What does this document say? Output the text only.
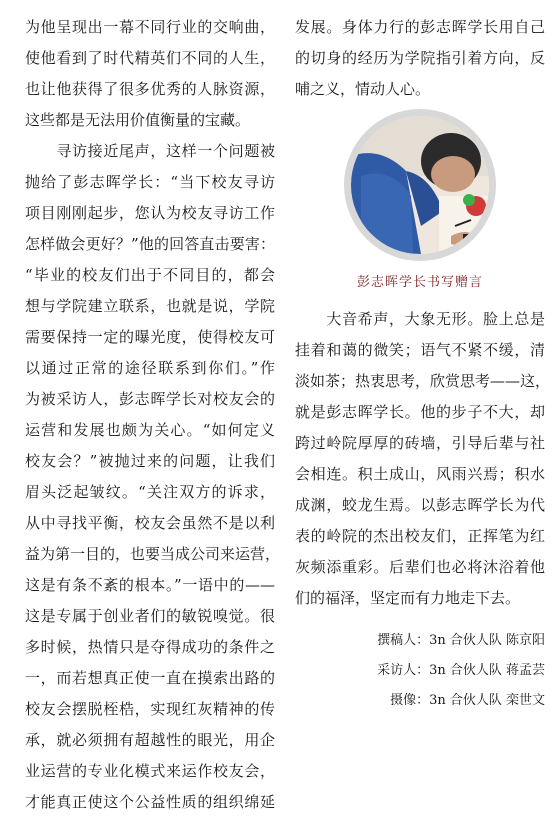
为他呈现出一幕不同行业的交响曲，
使他看到了时代精英们不同的人生，
也让他获得了很多优秀的人脉资源，
这些都是无法用价值衡量的宝藏。
　　寻访接近尾声，这样一个问题被
抛给了彭志晖学长：“当下校友寻访
项目刚刚起步，您认为校友寻访工作
怎样做会更好？”他的回答直击要害：
“毕业的校友们出于不同目的，都会
想与学院建立联系，也就是说，学院
需要保持一定的曝光度，使得校友可
以通过正常的途径联系到你们。”作
为被采访人，彭志晖学长对校友会的
运营和发展也颇为关心。“如何定义
校友会？”被抛过来的问题，让我们
眉头泛起皱纹。“关注双方的诉求，
从中寻找平衡，校友会虽然不是以利
益为第一目的，也要当成公司来运营，
这是有条不紊的根本。”一语中的——
这是专属于创业者们的敏锐嗅觉。很
多时候，热情只是夺得成功的条件之
一，而若想真正使一直在摸索出路的
校友会摆脱桎梏，实现红灰精神的传
承，就必须拥有超越性的眼光，用企
业运营的专业化模式来运作校友会，
才能真正使这个公益性质的组织绵延
发展。身体力行的彭志晖学长用自己
的切身的经历为学院指引着方向，反
哺之义，情动人心。
彭志晖学长书写赠言
　　大音希声，大象无形。脸上总是
挂着和蔼的微笑；语气不紧不缓，清
淡如茶；热衷思考，欣赏思考——这，
就是彭志晖学长。他的步子不大，却
跨过岭院厚厚的砖墙，引导后辈与社
会相连。积土成山，风雨兴焉；积水
成渊，蛟龙生焉。以彭志晖学长为代
表的岭院的杰出校友们，正挥笔为红
灰频添重彩。后辈们也必将沐浴着他
们的福泽，坚定而有力地走下去。
撰稿人：3n 合伙人队 陈京阳
采访人：3n 合伙人队 蒋孟芸
摄像：3n 合伙人队 栾世文
